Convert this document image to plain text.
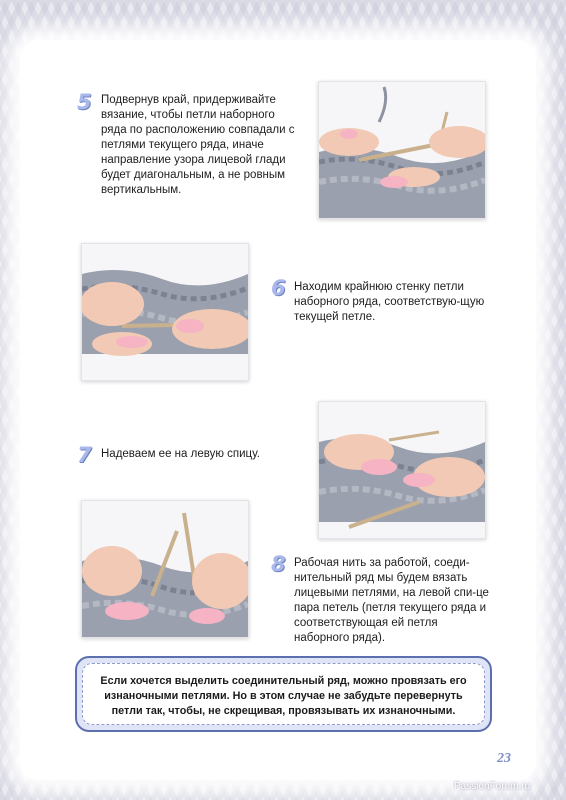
5 Подвернув край, придерживайте вязание, чтобы петли наборного ряда по расположению совпадали с петлями текущего ряда, иначе направление узора лицевой глади будет диагональным, а не ровным вертикальным.
6 Находим крайнюю стенку петли наборного ряда, соответствую-щую текущей петле.
7 Надеваем ее на левую спицу.
8 Рабочая нить за работой, соеди-нительный ряд мы будем вязать лицевыми петлями, на левой спи-це пара петель (петля текущего ряда и соответствующая ей петля наборного ряда).
Если хочется выделить соединительный ряд, можно провязать его изнаночными петлями. Но в этом случае не забудьте перевернуть петли так, чтобы, не скрещивая, провязывать их изнаночными.
23
PassionForum.ru
